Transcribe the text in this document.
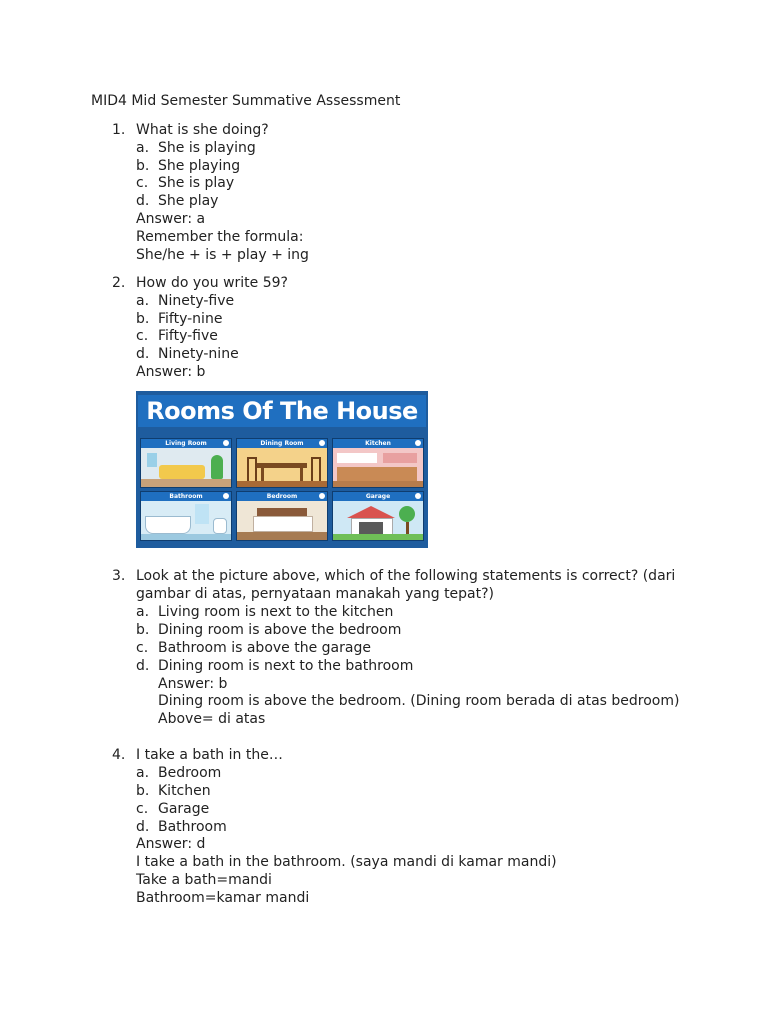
MID4 Mid Semester Summative Assessment
1. What is she doing?
a. She is playing
b. She playing
c. She is play
d. She play
Answer: a
Remember the formula:
She/he + is + play + ing
2. How do you write 59?
a. Ninety-five
b. Fifty-nine
c. Fifty-five
d. Ninety-nine
Answer: b
Rooms Of The House
Living Room	Dining Room	Kitchen
Bathroom	Bedroom	Garage
3. Look at the picture above, which of the following statements is correct? (dari
gambar di atas, pernyataan manakah yang tepat?)
a. Living room is next to the kitchen
b. Dining room is above the bedroom
c. Bathroom is above the garage
d. Dining room is next to the bathroom
Answer: b
Dining room is above the bedroom. (Dining room berada di atas bedroom)
Above= di atas
4. I take a bath in the…
a. Bedroom
b. Kitchen
c. Garage
d. Bathroom
Answer: d
I take a bath in the bathroom. (saya mandi di kamar mandi)
Take a bath=mandi
Bathroom=kamar mandi
